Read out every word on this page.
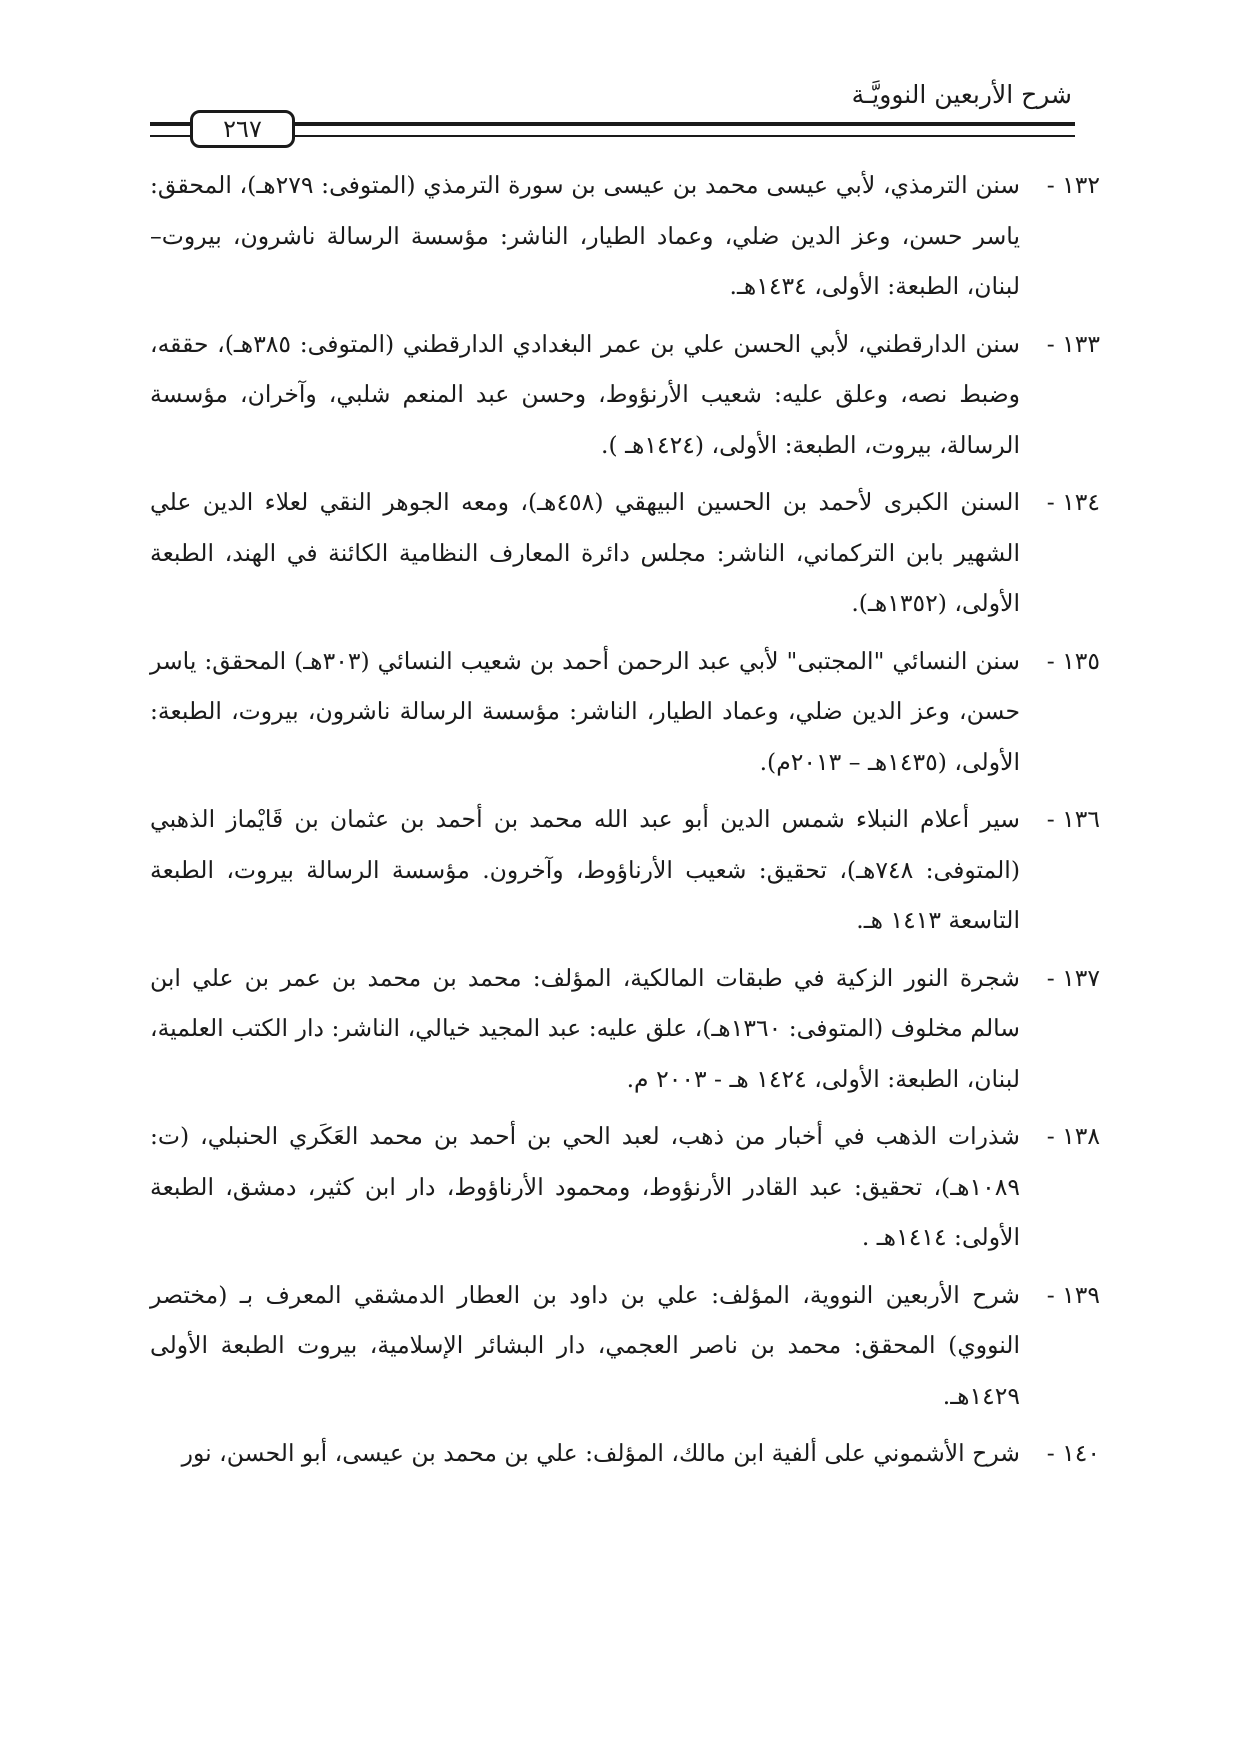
شرح الأربعين النوويَّـة
٢٦٧
١٣٢ -
سنن الترمذي، لأبي عيسى محمد بن عيسى بن سورة الترمذي (المتوفى: ٢٧٩هـ)، المحقق: ياسر حسن، وعز الدين ضلي، وعماد الطيار، الناشر: مؤسسة الرسالة ناشرون، بيروت– لبنان، الطبعة: الأولى، ١٤٣٤هـ.
١٣٣ -
سنن الدارقطني، لأبي الحسن علي بن عمر البغدادي الدارقطني (المتوفى: ٣٨٥هـ)، حققه، وضبط نصه، وعلق عليه: شعيب الأرنؤوط، وحسن عبد المنعم شلبي، وآخران، مؤسسة الرسالة، بيروت، الطبعة: الأولى، (١٤٢٤هـ ).
١٣٤ -
السنن الكبرى لأحمد بن الحسين البيهقي (٤٥٨هـ)، ومعه الجوهر النقي لعلاء الدين علي الشهير بابن التركماني، الناشر: مجلس دائرة المعارف النظامية الكائنة في الهند، الطبعة الأولى، (١٣٥٢هـ).
١٣٥ -
سنن النسائي "المجتبى" لأبي عبد الرحمن أحمد بن شعيب النسائي (٣٠٣هـ) المحقق: ياسر حسن، وعز الدين ضلي، وعماد الطيار، الناشر: مؤسسة الرسالة ناشرون، بيروت، الطبعة: الأولى، (١٤٣٥هـ – ٢٠١٣م).
١٣٦ -
سير أعلام النبلاء شمس الدين أبو عبد الله محمد بن أحمد بن عثمان بن قَايْماز الذهبي (المتوفى: ٧٤٨هـ)، تحقيق: شعيب الأرناؤوط، وآخرون. مؤسسة الرسالة بيروت، الطبعة التاسعة ١٤١٣ هـ.
١٣٧ -
شجرة النور الزكية في طبقات المالكية، المؤلف: محمد بن محمد بن عمر بن علي ابن سالم مخلوف (المتوفى: ١٣٦٠هـ)، علق عليه: عبد المجيد خيالي، الناشر: دار الكتب العلمية، لبنان، الطبعة: الأولى، ١٤٢٤ هـ - ٢٠٠٣ م.
١٣٨ -
شذرات الذهب في أخبار من ذهب، لعبد الحي بن أحمد بن محمد العَكَري الحنبلي، (ت: ١٠٨٩هـ)، تحقيق: عبد القادر الأرنؤوط، ومحمود الأرناؤوط، دار ابن كثير، دمشق، الطبعة الأولى: ١٤١٤هـ .
١٣٩ -
شرح الأربعين النووية، المؤلف: علي بن داود بن العطار الدمشقي المعرف بـ (مختصر النووي) المحقق: محمد بن ناصر العجمي، دار البشائر الإسلامية، بيروت الطبعة الأولى ١٤٢٩هـ.
١٤٠ -
شرح الأشموني على ألفية ابن مالك، المؤلف: علي بن محمد بن عيسى، أبو الحسن، نور
